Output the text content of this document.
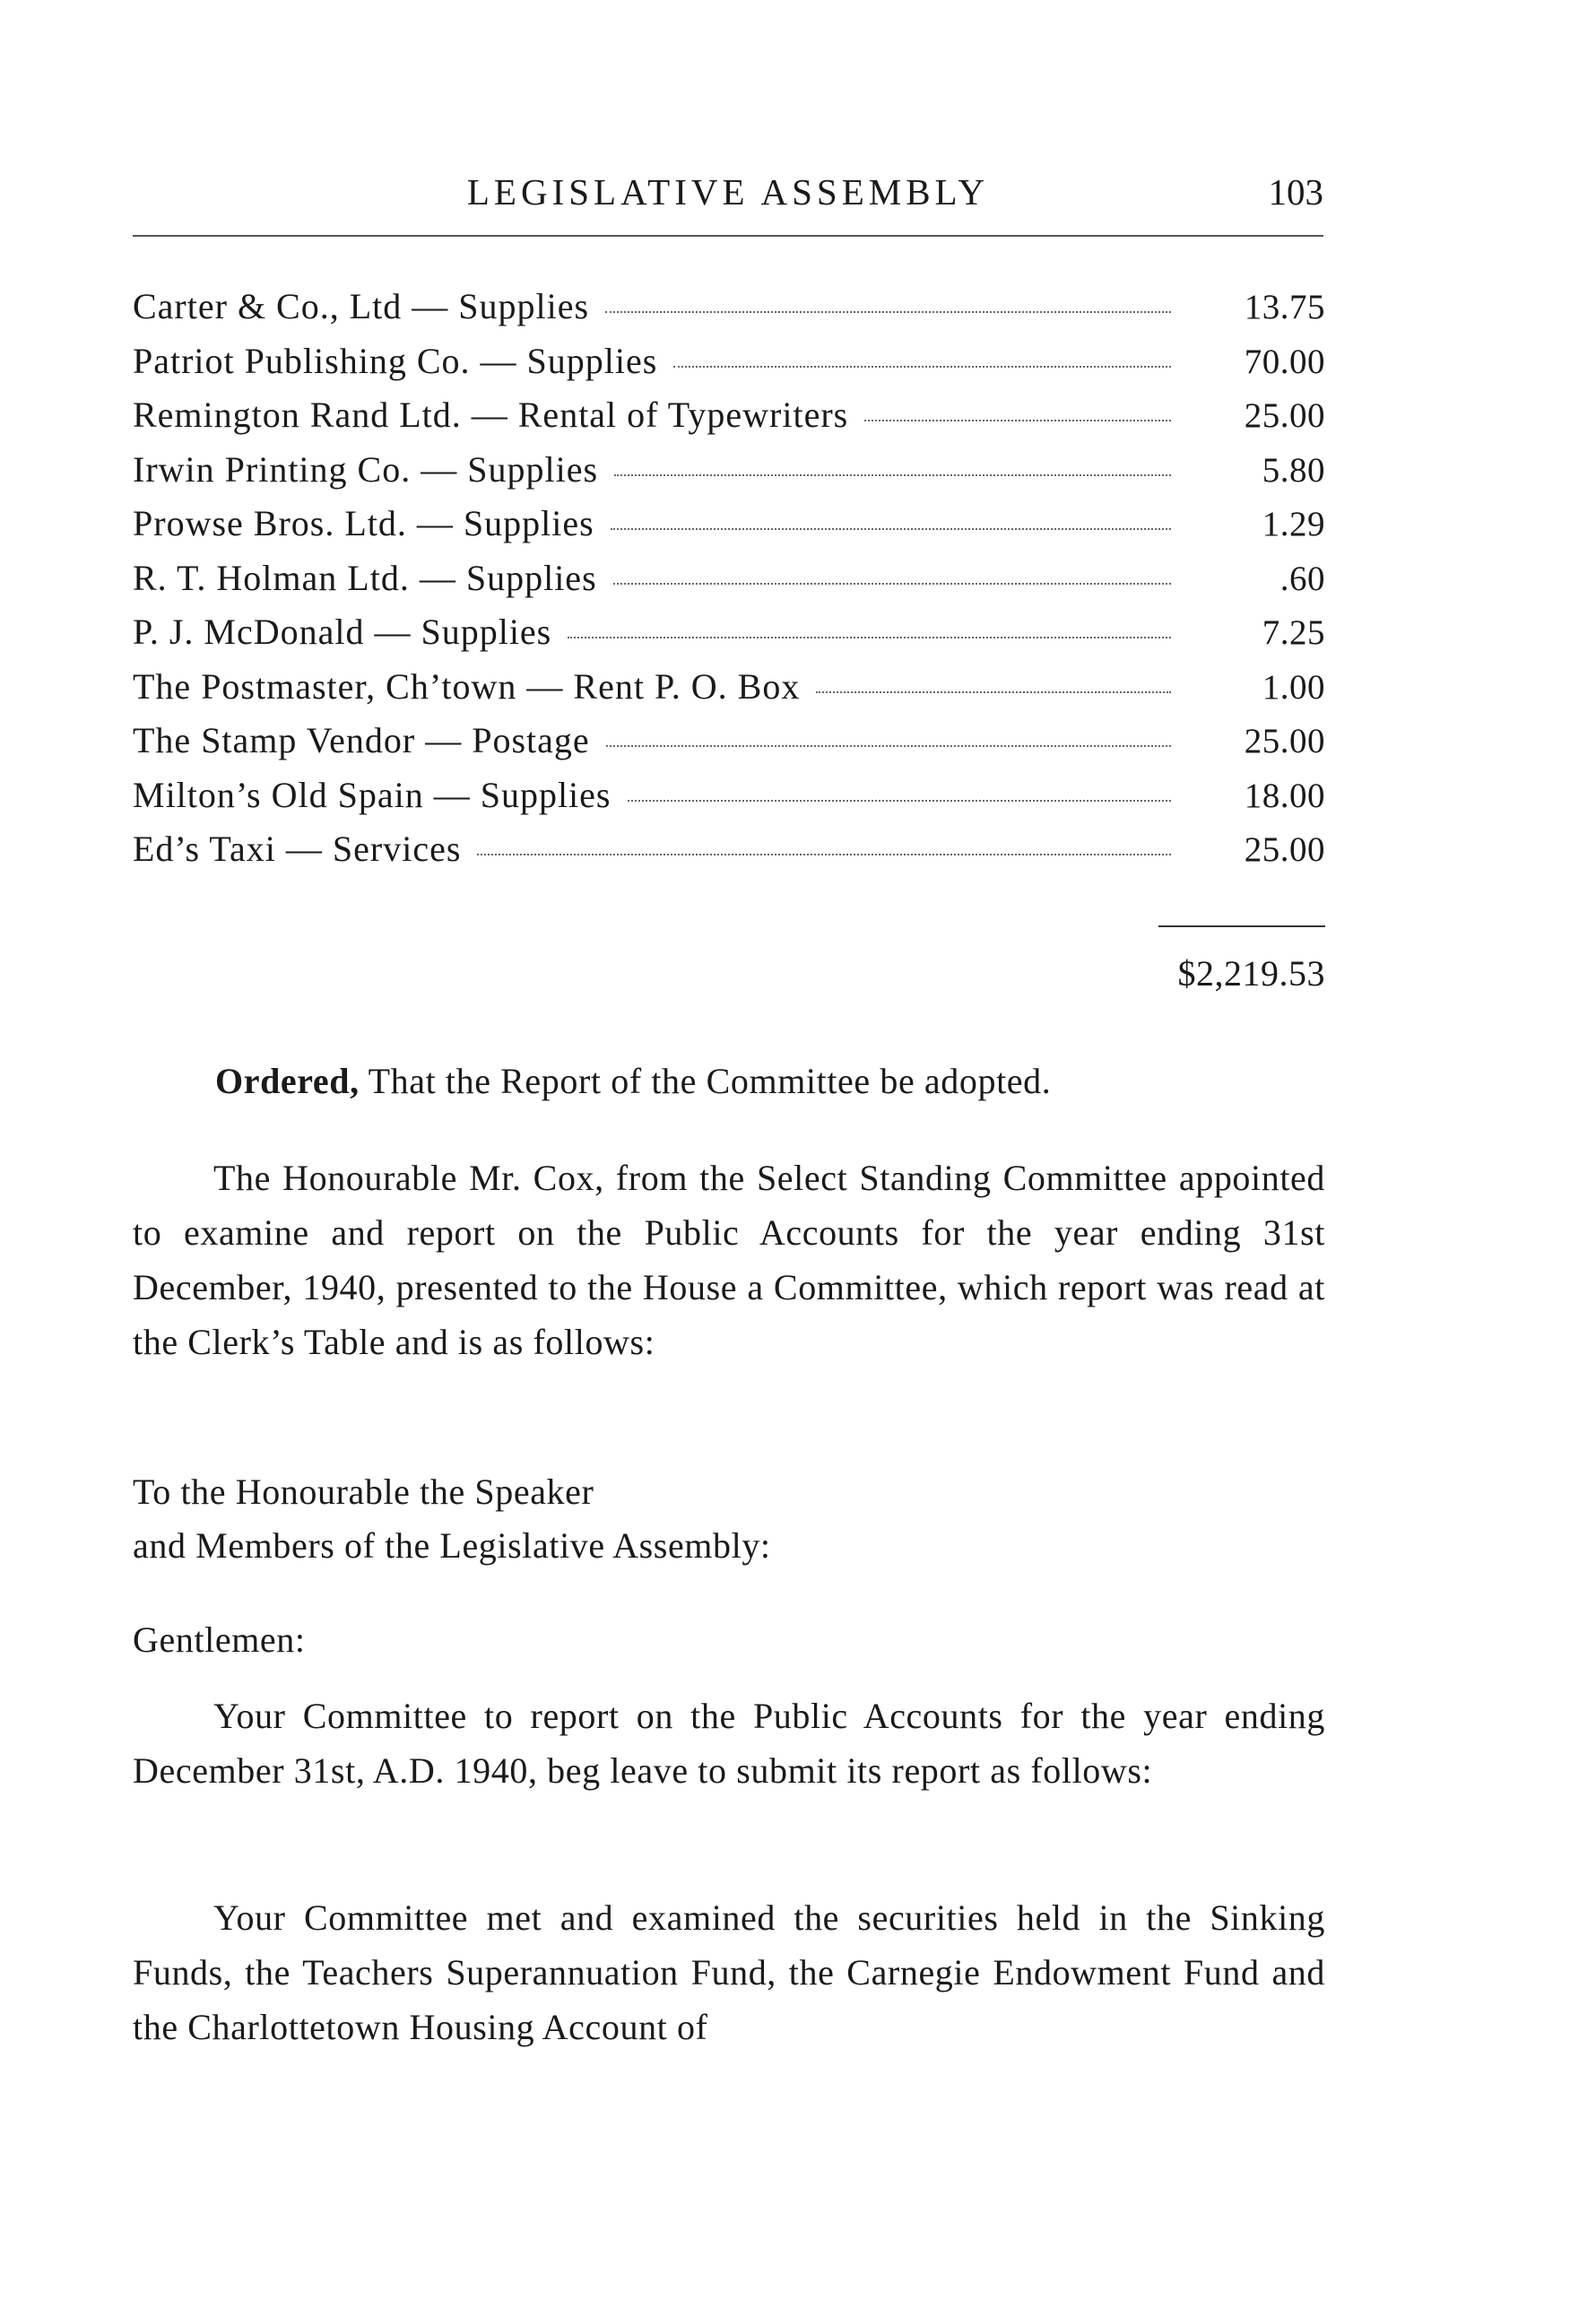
LEGISLATIVE ASSEMBLY	103
Carter & Co., Ltd — Supplies	13.75
Patriot Publishing Co. — Supplies	70.00
Remington Rand Ltd. — Rental of Typewriters	25.00
Irwin Printing Co. — Supplies	5.80
Prowse Bros. Ltd. — Supplies	1.29
R. T. Holman Ltd. — Supplies	.60
P. J. McDonald — Supplies	7.25
The Postmaster, Ch’town — Rent P. O. Box	1.00
The Stamp Vendor — Postage	25.00
Milton’s Old Spain — Supplies	18.00
Ed’s Taxi — Services	25.00
$2,219.53
Ordered, That the Report of the Committee be adopted.
The Honourable Mr. Cox, from the Select Standing Committee appointed to examine and report on the Public Accounts for the year ending 31st December, 1940, presented to the House a Committee, which report was read at the Clerk’s Table and is as follows:
To the Honourable the Speaker
and Members of the Legislative Assembly:
Gentlemen:
Your Committee to report on the Public Accounts for the year ending December 31st, A.D. 1940, beg leave to submit its report as follows:
Your Committee met and examined the securities held in the Sinking Funds, the Teachers Superannuation Fund, the Carnegie Endowment Fund and the Charlottetown Housing Account of
